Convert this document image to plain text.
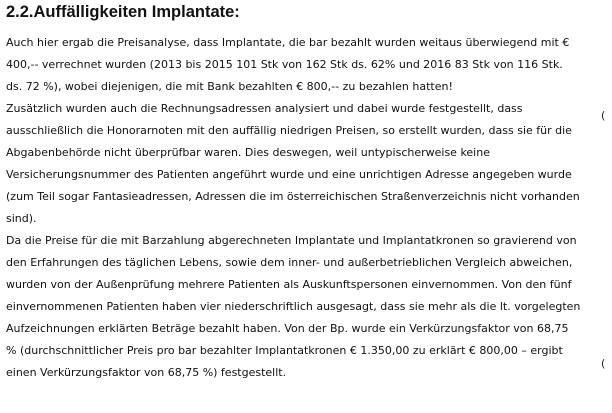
2.2.Auffälligkeiten Implantate:

Auch hier ergab die Preisanalyse, dass Implantate, die bar bezahlt wurden weitaus überwiegend mit €

400,-- verrechnet wurden (2013 bis 2015 101 Stk von 162 Stk ds. 62% und 2016 83 Stk von 116 Stk.

ds. 72 %), wobei diejenigen, die mit Bank bezahlten € 800,-- zu bezahlen hatten!

Zusätzlich wurden auch die Rechnungsadressen analysiert und dabei wurde festgestellt, dass

ausschließlich die Honorarnoten mit den auffällig niedrigen Preisen, so erstellt wurden, dass sie für die

Abgabenbehörde nicht überprüfbar waren. Dies deswegen, weil untypischerweise keine

Versicherungsnummer des Patienten angeführt wurde und eine unrichtigen Adresse angegeben wurde

(zum Teil sogar Fantasieadressen, Adressen die im österreichischen Straßenverzeichnis nicht vorhanden

sind).

Da die Preise für die mit Barzahlung abgerechneten Implantate und Implantatkronen so gravierend von

den Erfahrungen des täglichen Lebens, sowie dem inner- und außerbetrieblichen Vergleich abweichen,

wurden von der Außenprüfung mehrere Patienten als Auskunftspersonen einvernommen. Von den fünf

einvernommenen Patienten haben vier niederschriftlich ausgesagt, dass sie mehr als die lt. vorgelegten

Aufzeichnungen erklärten Beträge bezahlt haben. Von der Bp. wurde ein Verkürzungsfaktor von 68,75

% (durchschnittlicher Preis pro bar bezahlter Implantatkronen € 1.350,00 zu erklärt € 800,00 – ergibt

einen Verkürzungsfaktor von 68,75 %) festgestellt.

(
(
